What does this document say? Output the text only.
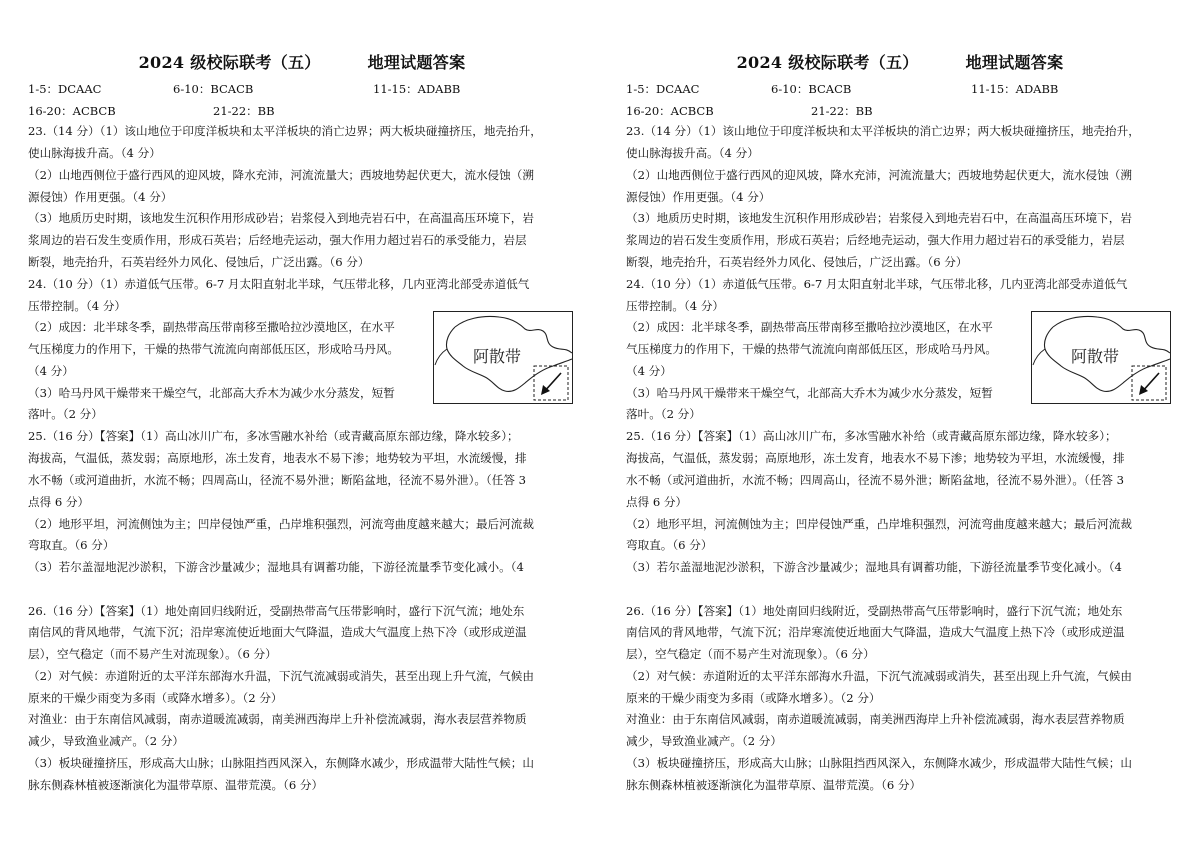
2024 级校际联考（五）        地理试题答案
1-5：DCAAC	6-10：BCACB	11-15：ADABB
16-20：ACBCB	21-22：BB
23.（14 分）（1）该山地位于印度洋板块和太平洋板块的消亡边界；两大板块碰撞挤压，地壳抬升，
使山脉海拔升高。（4 分）
（2）山地西侧位于盛行西风的迎风坡，降水充沛，河流流量大；西坡地势起伏更大，流水侵蚀（溯
源侵蚀）作用更强。（4 分）
（3）地质历史时期，该地发生沉积作用形成砂岩；岩浆侵入到地壳岩石中，在高温高压环境下，岩
浆周边的岩石发生变质作用，形成石英岩；后经地壳运动，强大作用力超过岩石的承受能力，岩层
断裂，地壳抬升，石英岩经外力风化、侵蚀后，广泛出露。（6 分）
24.（10 分）（1）赤道低气压带。6-7 月太阳直射北半球，气压带北移，几内亚湾北部受赤道低气
压带控制。（4 分）
（2）成因：北半球冬季，副热带高压带南移至撒哈拉沙漠地区，在水平
气压梯度力的作用下，干燥的热带气流流向南部低压区，形成哈马丹风。
（4 分）
（3）哈马丹风干燥带来干燥空气，北部高大乔木为减少水分蒸发，短暂
落叶。（2 分）
25.（16 分）【答案】（1）高山冰川广布，多冰雪融水补给（或青藏高原东部边缘，降水较多）；
海拔高，气温低，蒸发弱；高原地形，冻土发育，地表水不易下渗；地势较为平坦，水流缓慢，排
水不畅（或河道曲折，水流不畅；四周高山，径流不易外泄；断陷盆地，径流不易外泄）。（任答 3
点得 6 分）
（2）地形平坦，河流侧蚀为主；凹岸侵蚀严重，凸岸堆积强烈，河流弯曲度越来越大；最后河流裁
弯取直。（6 分）
（3）若尔盖湿地泥沙淤积，下游含沙量减少；湿地具有调蓄功能，下游径流量季节变化减小。（4
26.（16 分）【答案】（1）地处南回归线附近，受副热带高气压带影响时，盛行下沉气流；地处东
南信风的背风地带，气流下沉；沿岸寒流使近地面大气降温，造成大气温度上热下冷（或形成逆温
层），空气稳定（而不易产生对流现象）。（6 分）
（2）对气候：赤道附近的太平洋东部海水升温，下沉气流减弱或消失，甚至出现上升气流，气候由
原来的干燥少雨变为多雨（或降水增多）。（2 分）
对渔业：由于东南信风减弱，南赤道暖流减弱，南美洲西海岸上升补偿流减弱，海水表层营养物质
减少，导致渔业减产。（2 分）
（3）板块碰撞挤压，形成高大山脉；山脉阻挡西风深入，东侧降水减少，形成温带大陆性气候；山
脉东侧森林植被逐渐演化为温带草原、温带荒漠。（6 分）
阿散带
2024 级校际联考（五）        地理试题答案
1-5：DCAAC	6-10：BCACB	11-15：ADABB
16-20：ACBCB	21-22：BB
23.（14 分）（1）该山地位于印度洋板块和太平洋板块的消亡边界；两大板块碰撞挤压，地壳抬升，
使山脉海拔升高。（4 分）
（2）山地西侧位于盛行西风的迎风坡，降水充沛，河流流量大；西坡地势起伏更大，流水侵蚀（溯
源侵蚀）作用更强。（4 分）
（3）地质历史时期，该地发生沉积作用形成砂岩；岩浆侵入到地壳岩石中，在高温高压环境下，岩
浆周边的岩石发生变质作用，形成石英岩；后经地壳运动，强大作用力超过岩石的承受能力，岩层
断裂，地壳抬升，石英岩经外力风化、侵蚀后，广泛出露。（6 分）
24.（10 分）（1）赤道低气压带。6-7 月太阳直射北半球，气压带北移，几内亚湾北部受赤道低气
压带控制。（4 分）
（2）成因：北半球冬季，副热带高压带南移至撒哈拉沙漠地区，在水平
气压梯度力的作用下，干燥的热带气流流向南部低压区，形成哈马丹风。
（4 分）
（3）哈马丹风干燥带来干燥空气，北部高大乔木为减少水分蒸发，短暂
落叶。（2 分）
25.（16 分）【答案】（1）高山冰川广布，多冰雪融水补给（或青藏高原东部边缘，降水较多）；
海拔高，气温低，蒸发弱；高原地形，冻土发育，地表水不易下渗；地势较为平坦，水流缓慢，排
水不畅（或河道曲折，水流不畅；四周高山，径流不易外泄；断陷盆地，径流不易外泄）。（任答 3
点得 6 分）
（2）地形平坦，河流侧蚀为主；凹岸侵蚀严重，凸岸堆积强烈，河流弯曲度越来越大；最后河流裁
弯取直。（6 分）
（3）若尔盖湿地泥沙淤积，下游含沙量减少；湿地具有调蓄功能，下游径流量季节变化减小。（4
26.（16 分）【答案】（1）地处南回归线附近，受副热带高气压带影响时，盛行下沉气流；地处东
南信风的背风地带，气流下沉；沿岸寒流使近地面大气降温，造成大气温度上热下冷（或形成逆温
层），空气稳定（而不易产生对流现象）。（6 分）
（2）对气候：赤道附近的太平洋东部海水升温，下沉气流减弱或消失，甚至出现上升气流，气候由
原来的干燥少雨变为多雨（或降水增多）。（2 分）
对渔业：由于东南信风减弱，南赤道暖流减弱，南美洲西海岸上升补偿流减弱，海水表层营养物质
减少，导致渔业减产。（2 分）
（3）板块碰撞挤压，形成高大山脉；山脉阻挡西风深入，东侧降水减少，形成温带大陆性气候；山
脉东侧森林植被逐渐演化为温带草原、温带荒漠。（6 分）
阿散带
